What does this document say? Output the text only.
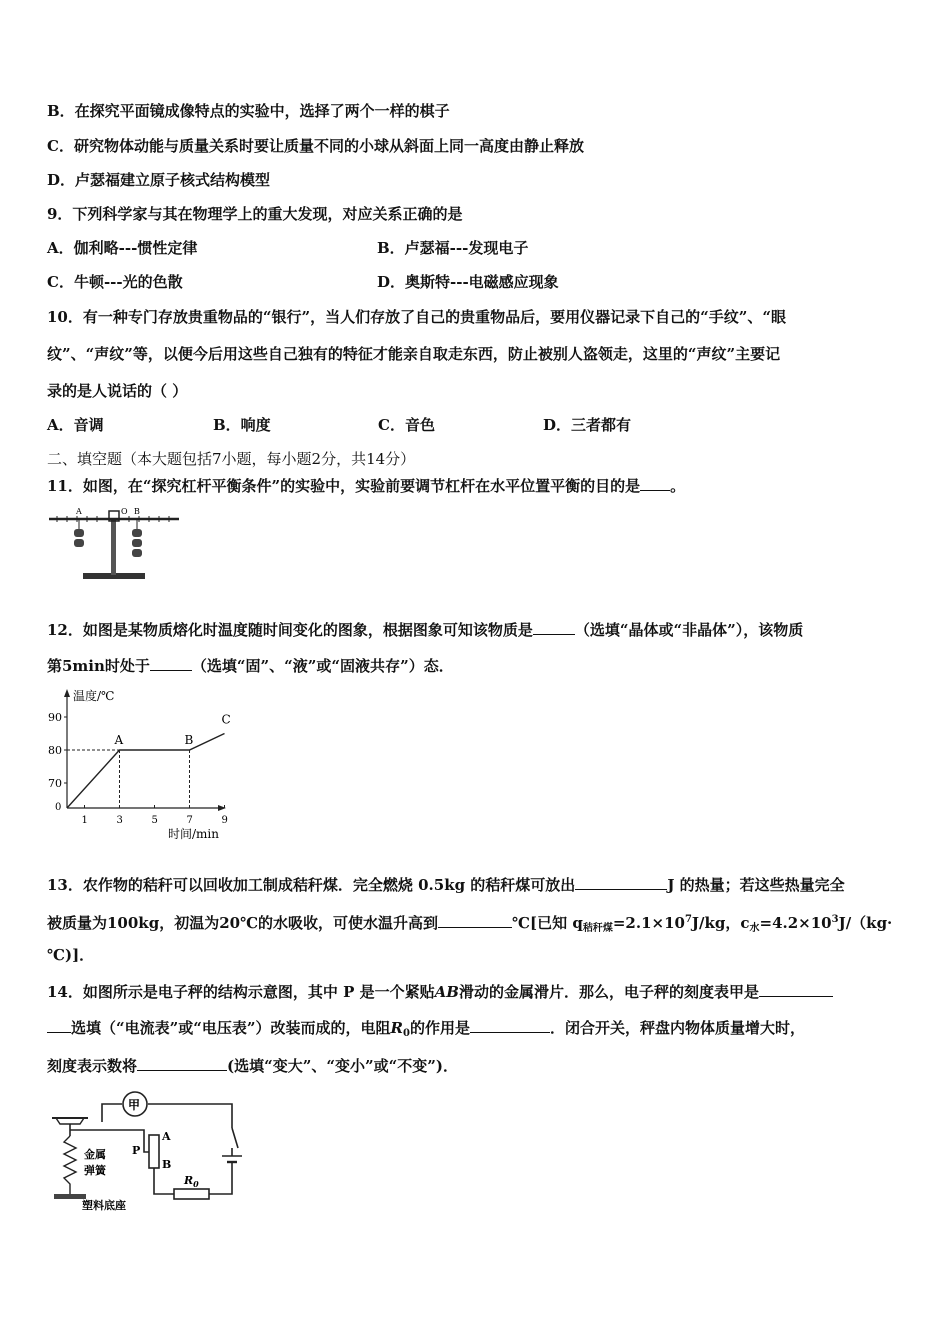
B．在探究平面镜成像特点的实验中，选择了两个一样的棋子
C．研究物体动能与质量关系时要让质量不同的小球从斜面上同一高度由静止释放
D．卢瑟福建立原子核式结构模型
9．下列科学家与其在物理学上的重大发现，对应关系正确的是
A．伽利略---惯性定律	B．卢瑟福---发现电子
C．牛顿---光的色散	D．奥斯特---电磁感应现象
10．有一种专门存放贵重物品的“银行”，当人们存放了自己的贵重物品后，要用仪器记录下自己的“手纹”、“眼
纹”、“声纹”等，以便今后用这些自己独有的特征才能亲自取走东西，防止被别人盗领走，这里的“声纹”主要记
录的是人说话的（ ）
A．音调	B．响度	C．音色	D．三者都有
二、填空题（本大题包括7小题，每小题2分，共14分）
11．如图，在“探究杠杆平衡条件”的实验中，实验前要调节杠杆在水平位置平衡的目的是 。
A	O B
12．如图是某物质熔化时温度随时间变化的图象，根据图象可知该物质是	（选填“晶体或“非晶体”），该物质
第5min时处于	（选填“固”、“液”或“固液共存”）态．
70
80
90
0
1	3	5	7	9
温度/℃
时间/min
A	B
C
13．农作物的秸秆可以回收加工制成秸秆煤．完全燃烧 0.5kg 的秸秆煤可放出	J 的热量；若这些热量完全
被质量为100kg，初温为20℃的水吸收，可使水温升高到	℃[已知 $q_{秸秆煤}=2.1\times 10^7J/kg$，$c_水=4.2\times 10^3J/(kg\cdot$
℃)]．
14．如图所示是电子秤的结构示意图，其中 P 是一个紧贴AB滑动的金属滑片．那么，电子秤的刻度表甲是
选填（“电流表”或“电压表”）改装而成的，电阻$R_0$的作用是	．闭合开关，秤盘内物体质量增大时，
刻度表示数将	(选填“变大”、“变小”或“不变”)．
甲
$R_0$
A
B
P
金属
弹簧
塑料底座
